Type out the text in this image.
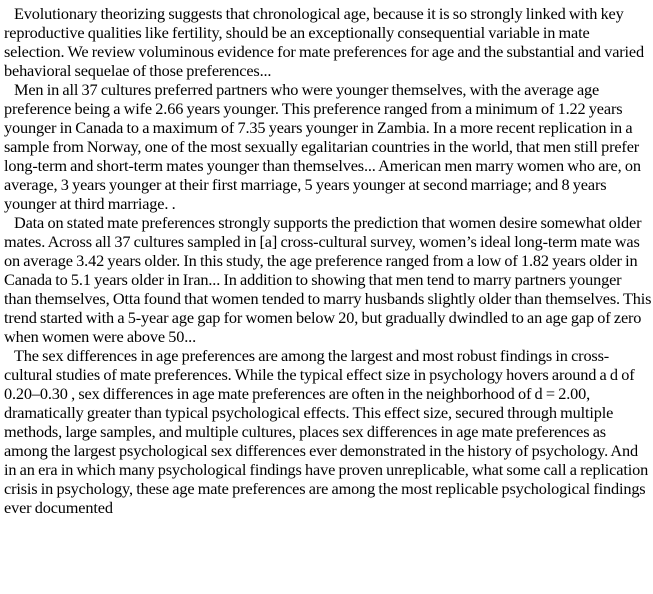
Evolutionary theorizing suggests that chronological age, because it is so strongly linked with key reproductive qualities like fertility, should be an exceptionally consequential variable in mate selection. We review voluminous evidence for mate preferences for age and the substantial and varied behavioral sequelae of those preferences...

Men in all 37 cultures preferred partners who were younger themselves, with the average age preference being a wife 2.66 years younger. This preference ranged from a minimum of 1.22 years younger in Canada to a maximum of 7.35 years younger in Zambia. In a more recent replication in a sample from Norway, one of the most sexually egalitarian countries in the world, that men still prefer long-term and short-term mates younger than themselves... American men marry women who are, on average, 3 years younger at their first marriage, 5 years younger at second marriage; and 8 years younger at third marriage. .

Data on stated mate preferences strongly supports the prediction that women desire somewhat older mates. Across all 37 cultures sampled in [a] cross-cultural survey, women’s ideal long-term mate was on average 3.42 years older. In this study, the age preference ranged from a low of 1.82 years older in Canada to 5.1 years older in Iran... In addition to showing that men tend to marry partners younger than themselves, Otta found that women tended to marry husbands slightly older than themselves. This trend started with a 5-year age gap for women below 20, but gradually dwindled to an age gap of zero when women were above 50...

The sex differences in age preferences are among the largest and most robust findings in cross-cultural studies of mate preferences. While the typical effect size in psychology hovers around a d of 0.20–0.30 , sex differences in age mate preferences are often in the neighborhood of d = 2.00, dramatically greater than typical psychological effects. This effect size, secured through multiple methods, large samples, and multiple cultures, places sex differences in age mate preferences as among the largest psychological sex differences ever demonstrated in the history of psychology. And in an era in which many psychological findings have proven unreplicable, what some call a replication crisis in psychology, these age mate preferences are among the most replicable psychological findings ever documented
